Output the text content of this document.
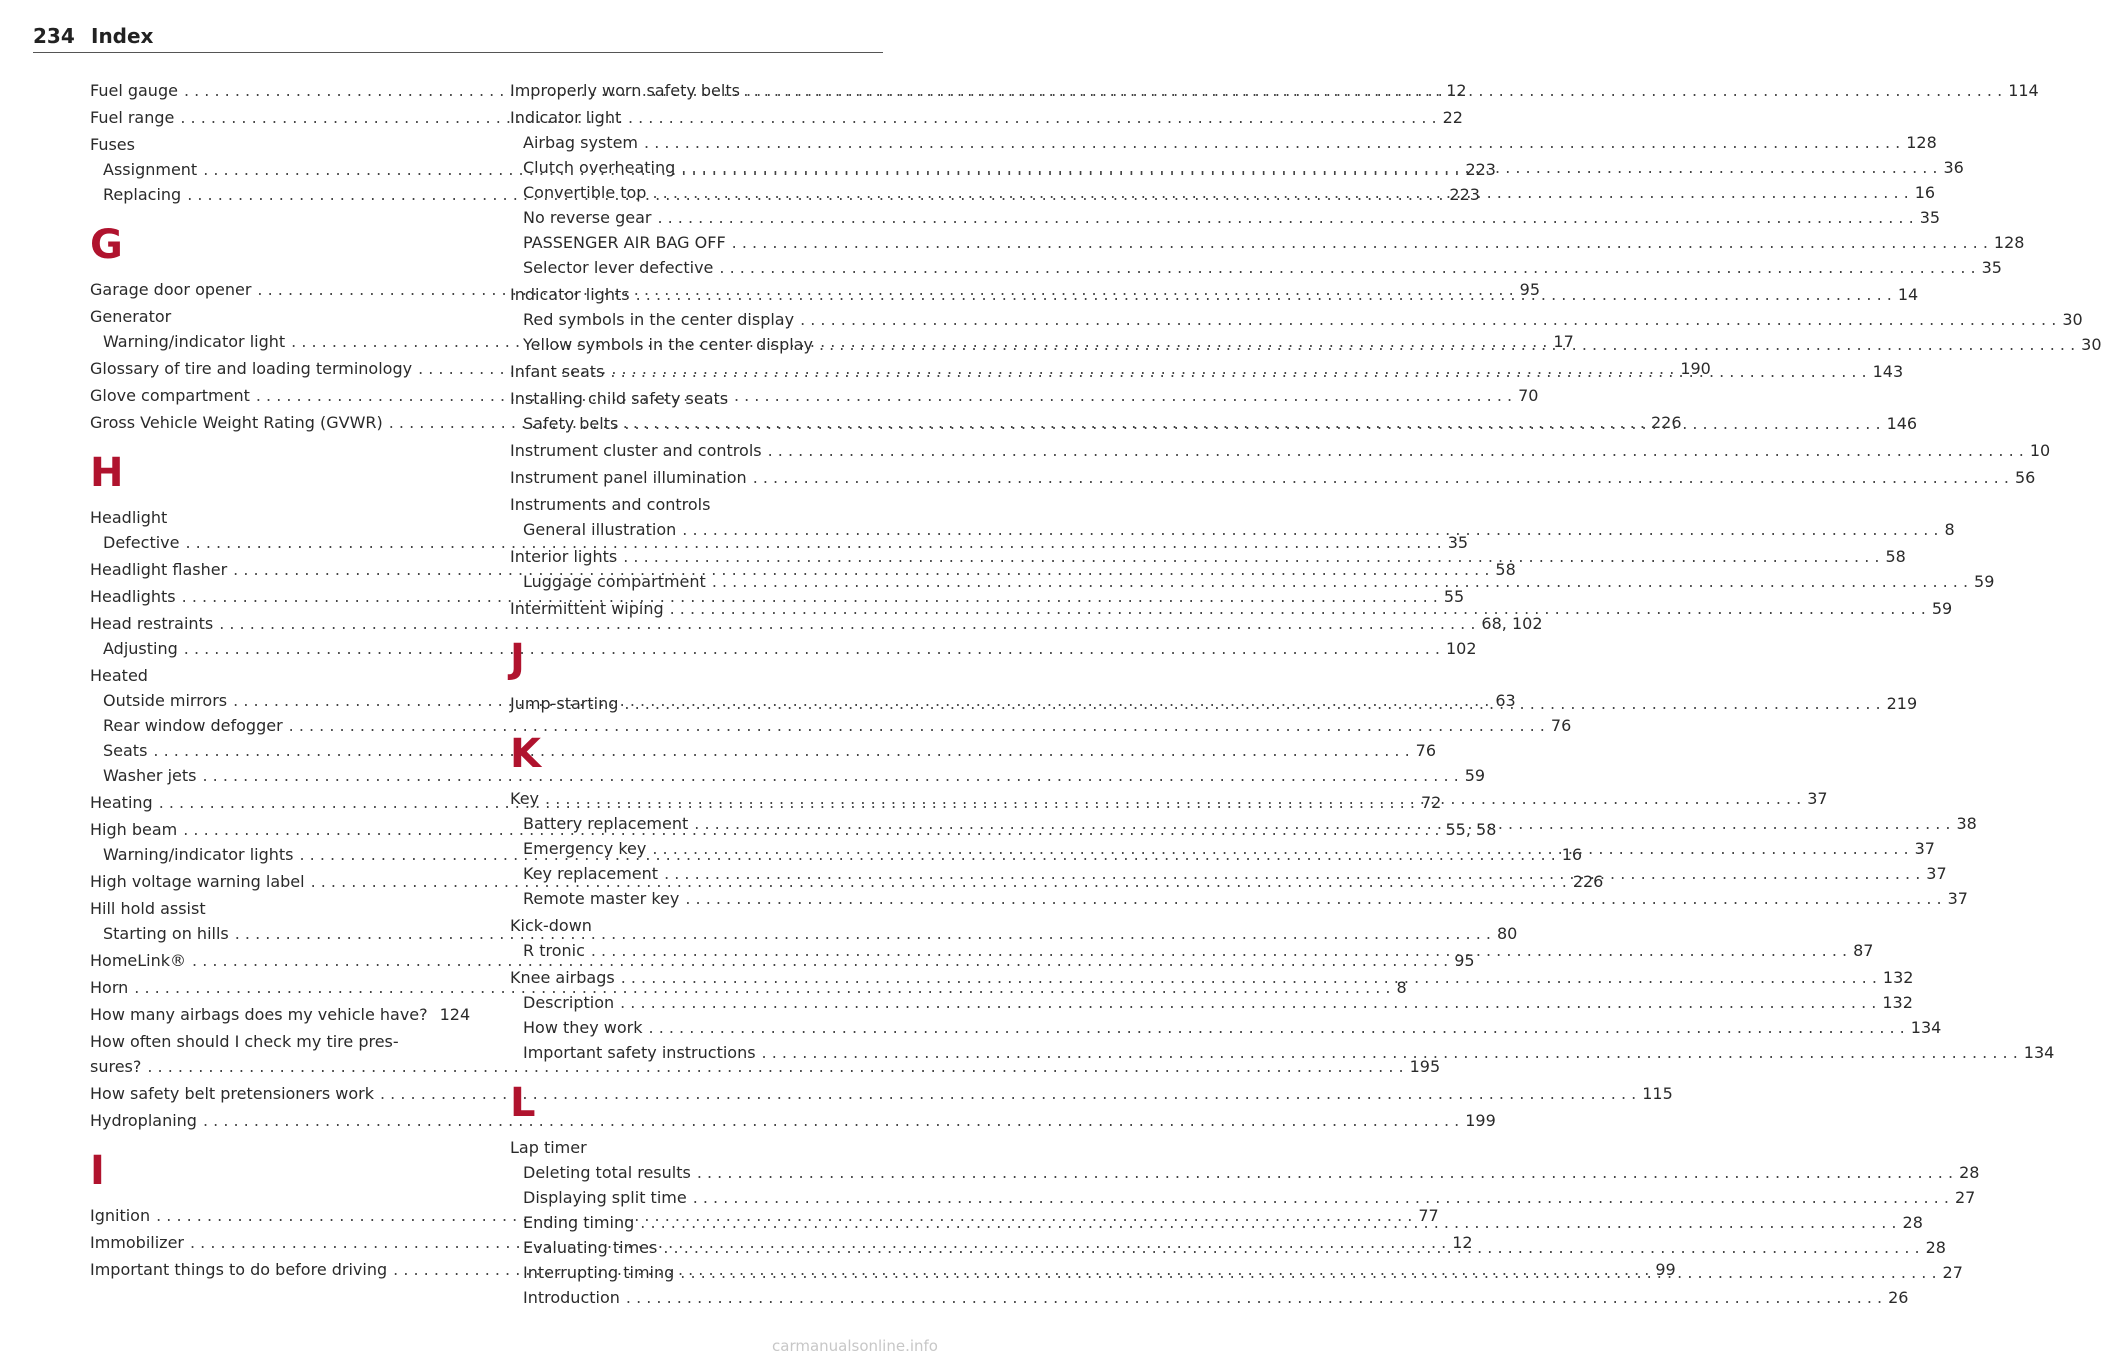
234 Index
Fuel gauge . . .	12
Fuel range . . .	22
Fuses
Assignment . . .	223
Replacing . . .	223
G
Garage door opener . . .	95
Generator
Warning/indicator light . . .	17
Glossary of tire and loading terminology . . .	190
Glove compartment . . .	70
Gross Vehicle Weight Rating (GVWR) . . .	226
H
Headlight
Defective . . .	35
Headlight flasher . . .	58
Headlights . . .	55
Head restraints . . .	68, 102
Adjusting . . .	102
Heated
Outside mirrors . . .	63
Rear window defogger . . .	76
Seats . . .	76
Washer jets . . .	59
Heating . . .	72
High beam . . .	55, 58
Warning/indicator lights . . .	16
High voltage warning label . . .	226
Hill hold assist
Starting on hills . . .	80
HomeLink® . . .	95
Horn . . .	8
How many airbags does my vehicle have? 124
How often should I check my tire pres-
sures? . . .	195
How safety belt pretensioners work . . .	115
Hydroplaning . . .	199
I
Ignition . . .	77
Immobilizer . . .	12
Important things to do before driving . . .	99
Improperly worn safety belts . . .	114
Indicator light
Airbag system . . .	128
Clutch overheating . . .	36
Convertible top . . .	16
No reverse gear . . .	35
PASSENGER AIR BAG OFF . . .	128
Selector lever defective . . .	35
Indicator lights . . .	14
Red symbols in the center display . . .	30
Yellow symbols in the center display . . .	30
Infant seats . . .	143
Installing child safety seats
Safety belts . . .	146
Instrument cluster and controls . . .	10
Instrument panel illumination . . .	56
Instruments and controls
General illustration . . .	8
Interior lights . . .	58
Luggage compartment . . .	59
Intermittent wiping . . .	59
J
Jump-starting . . .	219
K
Key . . .	37
Battery replacement . . .	38
Emergency key . . .	37
Key replacement . . .	37
Remote master key . . .	37
Kick-down
R tronic . . .	87
Knee airbags . . .	132
Description . . .	132
How they work . . .	134
Important safety instructions . . .	134
L
Lap timer
Deleting total results . . .	28
Displaying split time . . .	27
Ending timing . . .	28
Evaluating times . . .	28
Interrupting timing . . .	27
Introduction . . .	26
carmanualsonline.info
